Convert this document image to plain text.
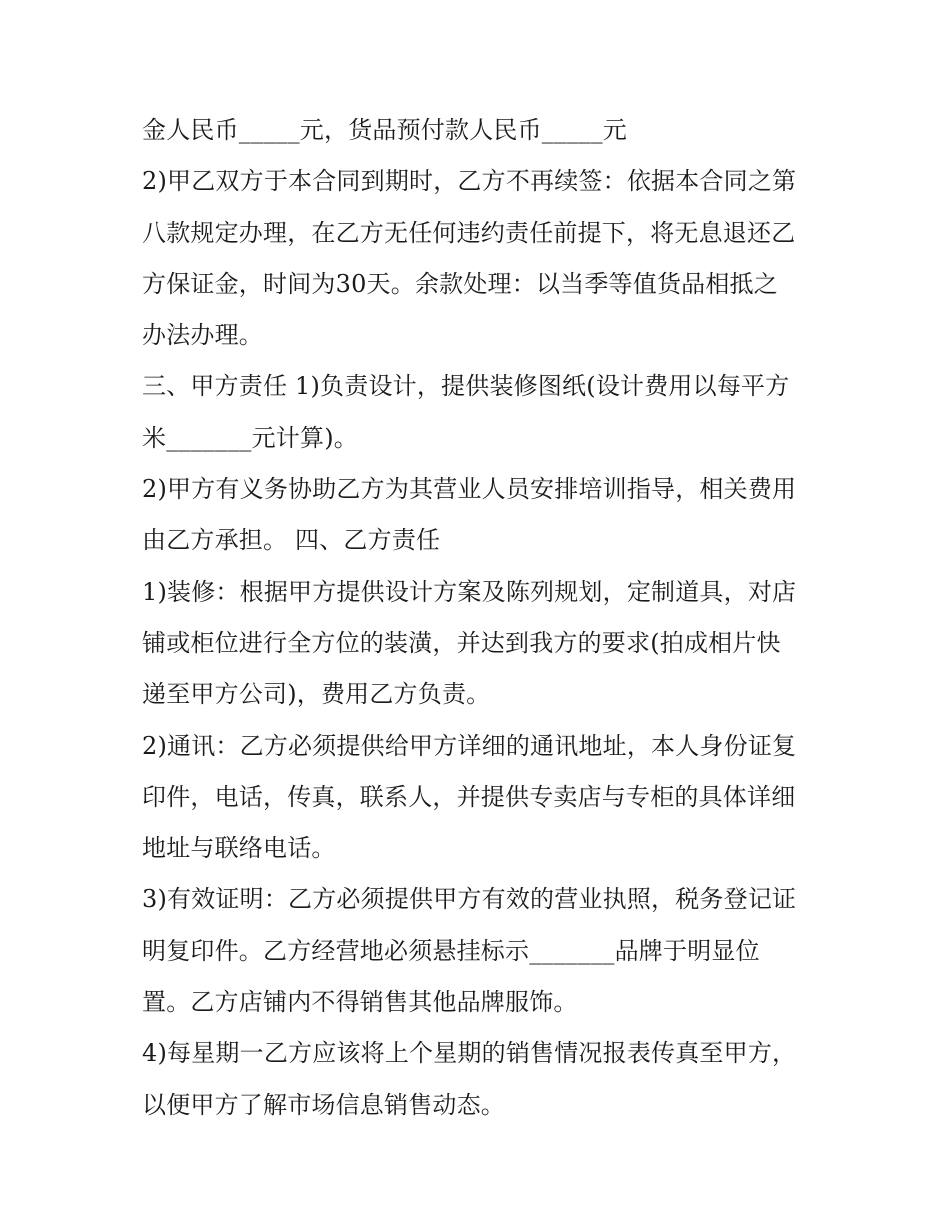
金人民币_____元，货品预付款人民币_____元
2)甲乙双方于本合同到期时，乙方不再续签：依据本合同之第
八款规定办理，在乙方无任何违约责任前提下，将无息退还乙
方保证金，时间为30天。余款处理：以当季等值货品相抵之
办法办理。
三、甲方责任 1)负责设计，提供装修图纸(设计费用以每平方
米_______元计算)。
2)甲方有义务协助乙方为其营业人员安排培训指导，相关费用
由乙方承担。 四、乙方责任
1)装修：根据甲方提供设计方案及陈列规划，定制道具，对店
铺或柜位进行全方位的装潢，并达到我方的要求(拍成相片快
递至甲方公司)，费用乙方负责。
2)通讯：乙方必须提供给甲方详细的通讯地址，本人身份证复
印件，电话，传真，联系人，并提供专卖店与专柜的具体详细
地址与联络电话。
3)有效证明：乙方必须提供甲方有效的营业执照，税务登记证
明复印件。乙方经营地必须悬挂标示_______品牌于明显位
置。乙方店铺内不得销售其他品牌服饰。
4)每星期一乙方应该将上个星期的销售情况报表传真至甲方，
以便甲方了解市场信息销售动态。
